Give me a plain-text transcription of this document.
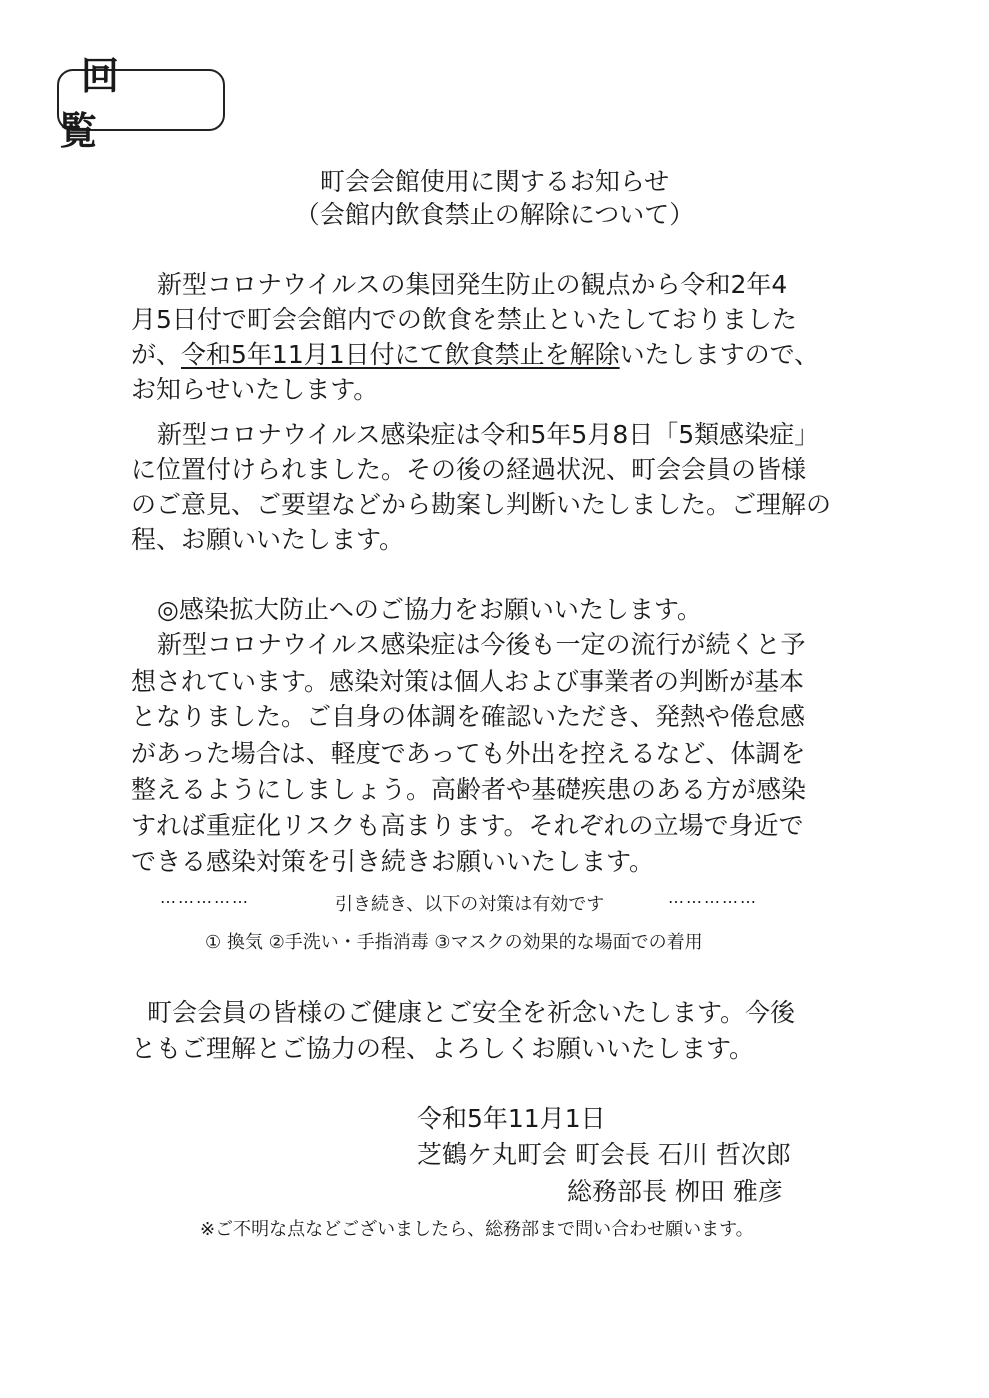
回 覧
町会会館使用に関するお知らせ
（会館内飲食禁止の解除について）
新型コロナウイルスの集団発生防止の観点から令和2年4
月5日付で町会会館内での飲食を禁止といたしておりました
が、令和5年11月1日付にて飲食禁止を解除いたしますので、
お知らせいたします。
新型コロナウイルス感染症は令和5年5月8日「5類感染症」
に位置付けられました。その後の経過状況、町会会員の皆様
のご意見、ご要望などから勘案し判断いたしました。ご理解の
程、お願いいたします。
◎感染拡大防止へのご協力をお願いいたします。
新型コロナウイルス感染症は今後も一定の流行が続くと予
想されています。感染対策は個人および事業者の判断が基本
となりました。ご自身の体調を確認いただき、発熱や倦怠感
があった場合は、軽度であっても外出を控えるなど、体調を
整えるようにしましょう。高齢者や基礎疾患のある方が感染
すれば重症化リスクも高まります。それぞれの立場で身近で
できる感染対策を引き続きお願いいたします。
……………	引き続き、以下の対策は有効です	……………
① 換気 ②手洗い・手指消毒 ③マスクの効果的な場面での着用
町会会員の皆様のご健康とご安全を祈念いたします。今後
ともご理解とご協力の程、よろしくお願いいたします。
令和5年11月1日
芝鶴ケ丸町会 町会長 石川 哲次郎
総務部長 栁田 雅彦
※ご不明な点などございましたら、総務部まで問い合わせ願います。
